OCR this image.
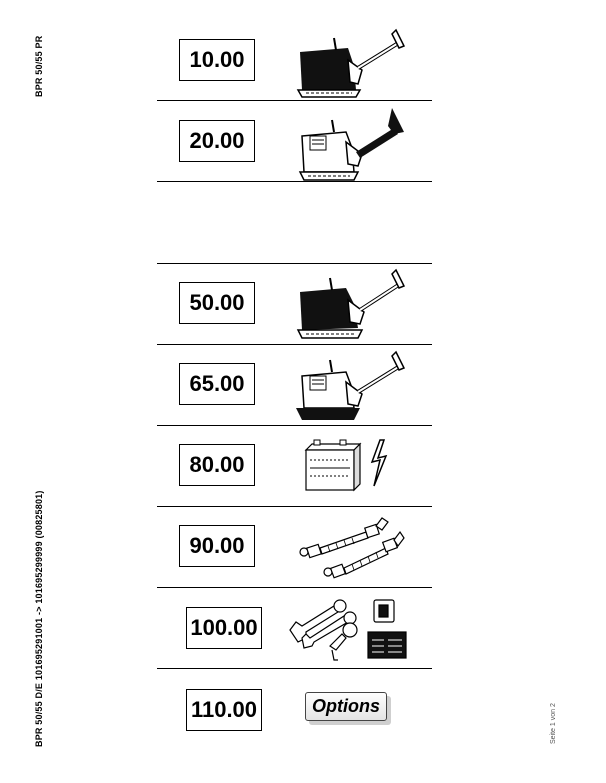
BPR 50/55 PR
BPR 50/55 D/E 101695291001 -> 101695299999 (00825801)	Seite 1 von 2
10.00
20.00
50.00
65.00
80.00
90.00
100.00
110.00	Options
